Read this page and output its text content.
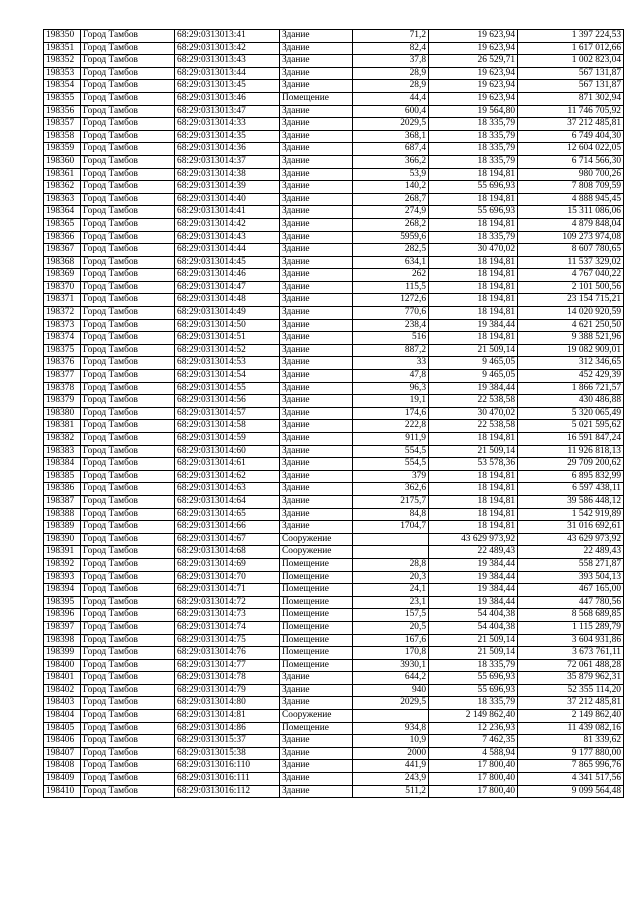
198350	Город Тамбов	68:29:0313013:41	Здание	71,2	19 623,94	1 397 224,53
198351	Город Тамбов	68:29:0313013:42	Здание	82,4	19 623,94	1 617 012,66
198352	Город Тамбов	68:29:0313013:43	Здание	37,8	26 529,71	1 002 823,04
198353	Город Тамбов	68:29:0313013:44	Здание	28,9	19 623,94	567 131,87
198354	Город Тамбов	68:29:0313013:45	Здание	28,9	19 623,94	567 131,87
198355	Город Тамбов	68:29:0313013:46	Помещение	44,4	19 623,94	871 302,94
198356	Город Тамбов	68:29:0313013:47	Здание	600,4	19 564,80	11 746 705,92
198357	Город Тамбов	68:29:0313014:33	Здание	2029,5	18 335,79	37 212 485,81
198358	Город Тамбов	68:29:0313014:35	Здание	368,1	18 335,79	6 749 404,30
198359	Город Тамбов	68:29:0313014:36	Здание	687,4	18 335,79	12 604 022,05
198360	Город Тамбов	68:29:0313014:37	Здание	366,2	18 335,79	6 714 566,30
198361	Город Тамбов	68:29:0313014:38	Здание	53,9	18 194,81	980 700,26
198362	Город Тамбов	68:29:0313014:39	Здание	140,2	55 696,93	7 808 709,59
198363	Город Тамбов	68:29:0313014:40	Здание	268,7	18 194,81	4 888 945,45
198364	Город Тамбов	68:29:0313014:41	Здание	274,9	55 696,93	15 311 086,06
198365	Город Тамбов	68:29:0313014:42	Здание	268,2	18 194,81	4 879 848,04
198366	Город Тамбов	68:29:0313014:43	Здание	5959,6	18 335,79	109 273 974,08
198367	Город Тамбов	68:29:0313014:44	Здание	282,5	30 470,02	8 607 780,65
198368	Город Тамбов	68:29:0313014:45	Здание	634,1	18 194,81	11 537 329,02
198369	Город Тамбов	68:29:0313014:46	Здание	262	18 194,81	4 767 040,22
198370	Город Тамбов	68:29:0313014:47	Здание	115,5	18 194,81	2 101 500,56
198371	Город Тамбов	68:29:0313014:48	Здание	1272,6	18 194,81	23 154 715,21
198372	Город Тамбов	68:29:0313014:49	Здание	770,6	18 194,81	14 020 920,59
198373	Город Тамбов	68:29:0313014:50	Здание	238,4	19 384,44	4 621 250,50
198374	Город Тамбов	68:29:0313014:51	Здание	516	18 194,81	9 388 521,96
198375	Город Тамбов	68:29:0313014:52	Здание	887,2	21 509,14	19 082 909,01
198376	Город Тамбов	68:29:0313014:53	Здание	33	9 465,05	312 346,65
198377	Город Тамбов	68:29:0313014:54	Здание	47,8	9 465,05	452 429,39
198378	Город Тамбов	68:29:0313014:55	Здание	96,3	19 384,44	1 866 721,57
198379	Город Тамбов	68:29:0313014:56	Здание	19,1	22 538,58	430 486,88
198380	Город Тамбов	68:29:0313014:57	Здание	174,6	30 470,02	5 320 065,49
198381	Город Тамбов	68:29:0313014:58	Здание	222,8	22 538,58	5 021 595,62
198382	Город Тамбов	68:29:0313014:59	Здание	911,9	18 194,81	16 591 847,24
198383	Город Тамбов	68:29:0313014:60	Здание	554,5	21 509,14	11 926 818,13
198384	Город Тамбов	68:29:0313014:61	Здание	554,5	53 578,36	29 709 200,62
198385	Город Тамбов	68:29:0313014:62	Здание	379	18 194,81	6 895 832,99
198386	Город Тамбов	68:29:0313014:63	Здание	362,6	18 194,81	6 597 438,11
198387	Город Тамбов	68:29:0313014:64	Здание	2175,7	18 194,81	39 586 448,12
198388	Город Тамбов	68:29:0313014:65	Здание	84,8	18 194,81	1 542 919,89
198389	Город Тамбов	68:29:0313014:66	Здание	1704,7	18 194,81	31 016 692,61
198390	Город Тамбов	68:29:0313014:67	Сооружение		43 629 973,92	43 629 973,92
198391	Город Тамбов	68:29:0313014:68	Сооружение		22 489,43	22 489,43
198392	Город Тамбов	68:29:0313014:69	Помещение	28,8	19 384,44	558 271,87
198393	Город Тамбов	68:29:0313014:70	Помещение	20,3	19 384,44	393 504,13
198394	Город Тамбов	68:29:0313014:71	Помещение	24,1	19 384,44	467 165,00
198395	Город Тамбов	68:29:0313014:72	Помещение	23,1	19 384,44	447 780,56
198396	Город Тамбов	68:29:0313014:73	Помещение	157,5	54 404,38	8 568 689,85
198397	Город Тамбов	68:29:0313014:74	Помещение	20,5	54 404,38	1 115 289,79
198398	Город Тамбов	68:29:0313014:75	Помещение	167,6	21 509,14	3 604 931,86
198399	Город Тамбов	68:29:0313014:76	Помещение	170,8	21 509,14	3 673 761,11
198400	Город Тамбов	68:29:0313014:77	Помещение	3930,1	18 335,79	72 061 488,28
198401	Город Тамбов	68:29:0313014:78	Здание	644,2	55 696,93	35 879 962,31
198402	Город Тамбов	68:29:0313014:79	Здание	940	55 696,93	52 355 114,20
198403	Город Тамбов	68:29:0313014:80	Здание	2029,5	18 335,79	37 212 485,81
198404	Город Тамбов	68:29:0313014:81	Сооружение		2 149 862,40	2 149 862,40
198405	Город Тамбов	68:29:0313014:86	Помещение	934,8	12 236,93	11 439 082,16
198406	Город Тамбов	68:29:0313015:37	Здание	10,9	7 462,35	81 339,62
198407	Город Тамбов	68:29:0313015:38	Здание	2000	4 588,94	9 177 880,00
198408	Город Тамбов	68:29:0313016:110	Здание	441,9	17 800,40	7 865 996,76
198409	Город Тамбов	68:29:0313016:111	Здание	243,9	17 800,40	4 341 517,56
198410	Город Тамбов	68:29:0313016:112	Здание	511,2	17 800,40	9 099 564,48
